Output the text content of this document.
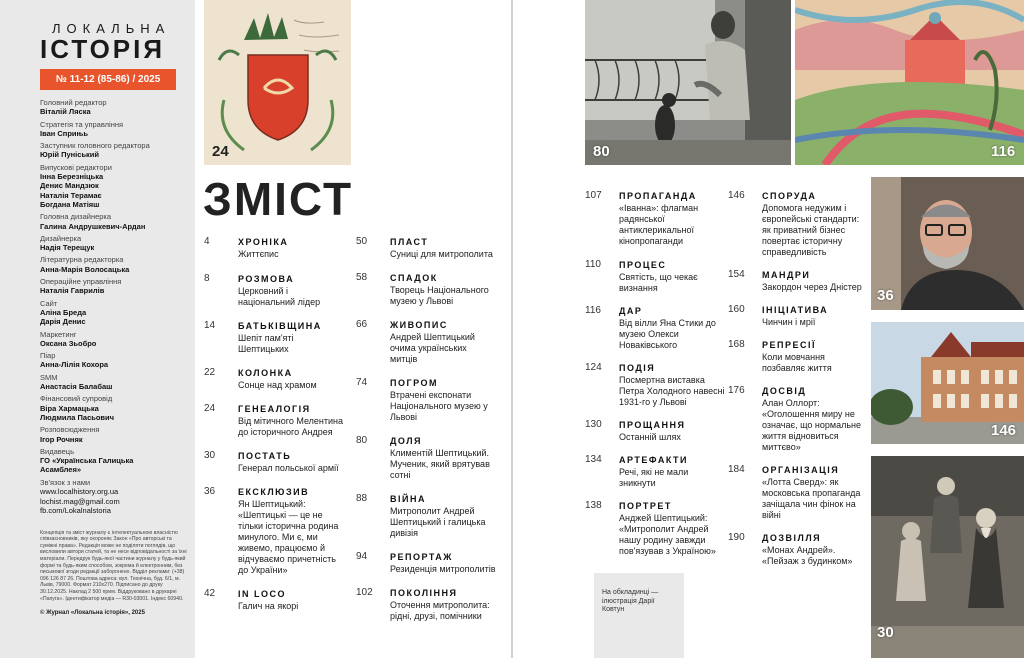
ЛОКАЛЬНА
ІСТОРІЯ
№ 11-12 (85-86) / 2025
Головний редактор
Віталій Ляска
Стратегія та управління
Іван Сприњь
Заступник головного редактора
Юрій Пуніський
Випускові редактори
Інна Березніцька
Денис Мандзюк
Наталія Терамає
Богдана Матіяш
Головна дизайнерка
Галина Андрушкевич-Ардан
Дизайнерка
Надія Терещук
Літературна редакторка
Анна-Марія Волосацька
Операційне управління
Наталія Гаврилів
Сайт
Аліна Бреда
Дарія Денис
Маркетинг
Оксана Зьобро
Пiар
Анна-Лілія Кохора
SMM
Анастасія Балабаш
Фінансовий супровід
Віра Хармацька
Людмила Пасьович
Розповсюдження
Ігор Рочняк
Видавець
ГО «Українська Галицька
Асамблея»
Зв'язок з нами
www.localhistory.org.ua
lochist.mag@gmail.com
fb.com/Lokalnalstoria
Концепція та зміст журналу є інтелектуальною власністю співзасновників, яку охороняє Закон «Про авторські та суміжні права». Редакція може не поділяти поглядів, що висловили автори статей, та не несе відповідальності за їхні матеріали. Передрук будь-якої частини журналу у будь-який формі та будь-яким способом, зокрема й електронним, без письмової згоди редакції заборонено. Відділ реклами: (+38) 096 126 87 26. Поштова адреса: вул. Технічна, буд. 6/1, м. Львів, 79000. Формат 210х270. Підписано до друку 30.12.2025. Наклад 2 500 прим. Віддруковано в друкарні «Папуга». Ідентифікатор медіа — R30-03001. Індекс 60940.
© Журнал «Локальна історія», 2025
24
ЗМІСТ
4	ХРОНІКА
Життєпис
8	РОЗМОВА
Церковний і національний лідер
14	БАТЬКІВЩИНА
Шепіт пам'яті Шептицьких
22	КОЛОНКА
Сонце над храмом
24	ГЕНЕАЛОГІЯ
Від мітичного Мелентина до історичного Андрея
30	ПОСТАТЬ
Генерал польської армії
36	ЕКСКЛЮЗИВ
Ян Шептицький: «Шептицькі — це не тільки історична родина минулого. Ми є, ми живемо, працюємо й відчуваємо причетність до України»
42	IN LOCO
Галич на якорі
50	ПЛАСТ
Суниці для митрополита
58	СПАДОК
Творець Національного музею у Львові
66	ЖИВОПИС
Андрей Шептицький очима українських митців
74	ПОГРОМ
Втрачені експонати Національного музею у Львові
80	ДОЛЯ
Климентій Шептицький. Мученик, який врятував сотні
88	ВІЙНА
Митрополит Андрей Шептицький і галицька дивізія
94	РЕПОРТАЖ
Резиденція митрополитів
102 ПОКОЛІННЯ
Оточення митрополита: рідні, друзі, помічники
107 ПРОПАГАНДА
«Іванна»: флагман радянської антиклерикальної кінопропаганди
110 ПРОЦЕС
Святість, що чекає визнання
116 ДАР
Від вілли Яна Стики до музею Олекси Новаківського
124 ПОДІЯ
Посмертна виставка Петра Холодного навесні 1931-го у Львові
130 ПРОЩАННЯ
Останній шлях
134 АРТЕФАКТИ
Речі, які не мали зникнути
138 ПОРТРЕТ
Анджей Шептицький: «Митрополит Андрей нашу родину завжди пов'язував з Україною»
146 СПОРУДА
Допомога недужим і європейські стандарти: як приватний бізнес повертає історичну справедливість
154 МАНДРИ
Закордон через Дністер
160 ІНІЦІАТИВА
Чинчин і мрії
168 РЕПРЕСІЇ
Коли мовчання позбавляє життя
176 ДОСВІД
Алан Оллорт: «Оголошення миру не означає, що нормальне життя відновиться миттєво»
184 ОРГАНІЗАЦІЯ
«Лотта Сверд»: як московська пропаганда зачіщала чин фінок на війні
190 ДОЗВІЛЛЯ
«Монах Андрей». «Пейзаж з будинком»
80	116
36
146
30
На обкладинці — ілюстрація Дарії Ковтун
